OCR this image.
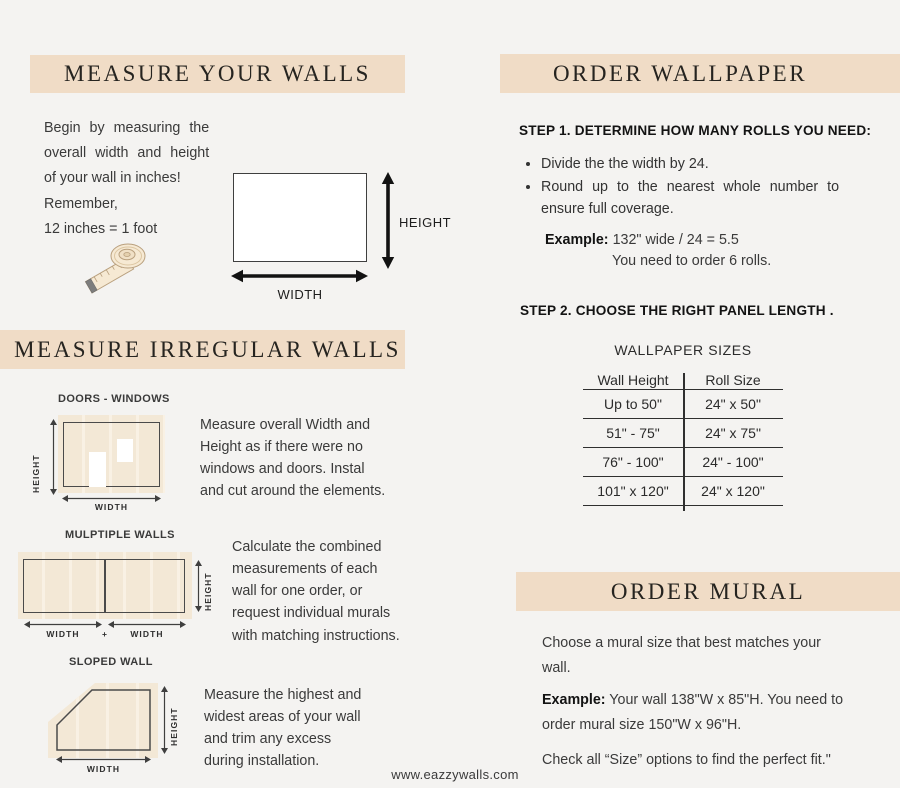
MEASURE YOUR WALLS
Begin by measuring the
overall width and height
of your wall in inches!
Remember,
12 inches = 1 foot	HEIGHT
WIDTH
MEASURE IRREGULAR WALLS
DOORS - WINDOWS
HEIGHT
WIDTH
Measure overall Width and
Height as if there were no
windows and doors. Instal
and cut around the elements.
MULPTIPLE WALLS
HEIGHT
WIDTH	+	WIDTH
Calculate the combined
measurements of each
wall for one order, or
request individual murals
with matching instructions.
SLOPED WALL
HEIGHT
WIDTH
Measure the highest and
widest areas of your wall
and trim any excess
during installation.
ORDER WALLPAPER
STEP 1. DETERMINE HOW MANY ROLLS YOU NEED:
• Divide the the width by 24.
• Round up to the nearest whole number to
ensure full coverage.
Example: 132" wide / 24 = 5.5
You need to order 6 rolls.
STEP 2. CHOOSE THE RIGHT PANEL LENGTH .
WALLPAPER SIZES
Wall Height	Roll Size
Up to 50"	24" x 50"
51" - 75"	24" x 75"
76" - 100"	24" - 100"
101" x 120"	24" x 120"
ORDER MURAL
Choose a mural size that best matches your
wall.
Example: Your wall 138"W x 85"H. You need to
order mural size 150"W x 96"H.
Check all “Size” options to find the perfect fit."
www.eazzywalls.com
